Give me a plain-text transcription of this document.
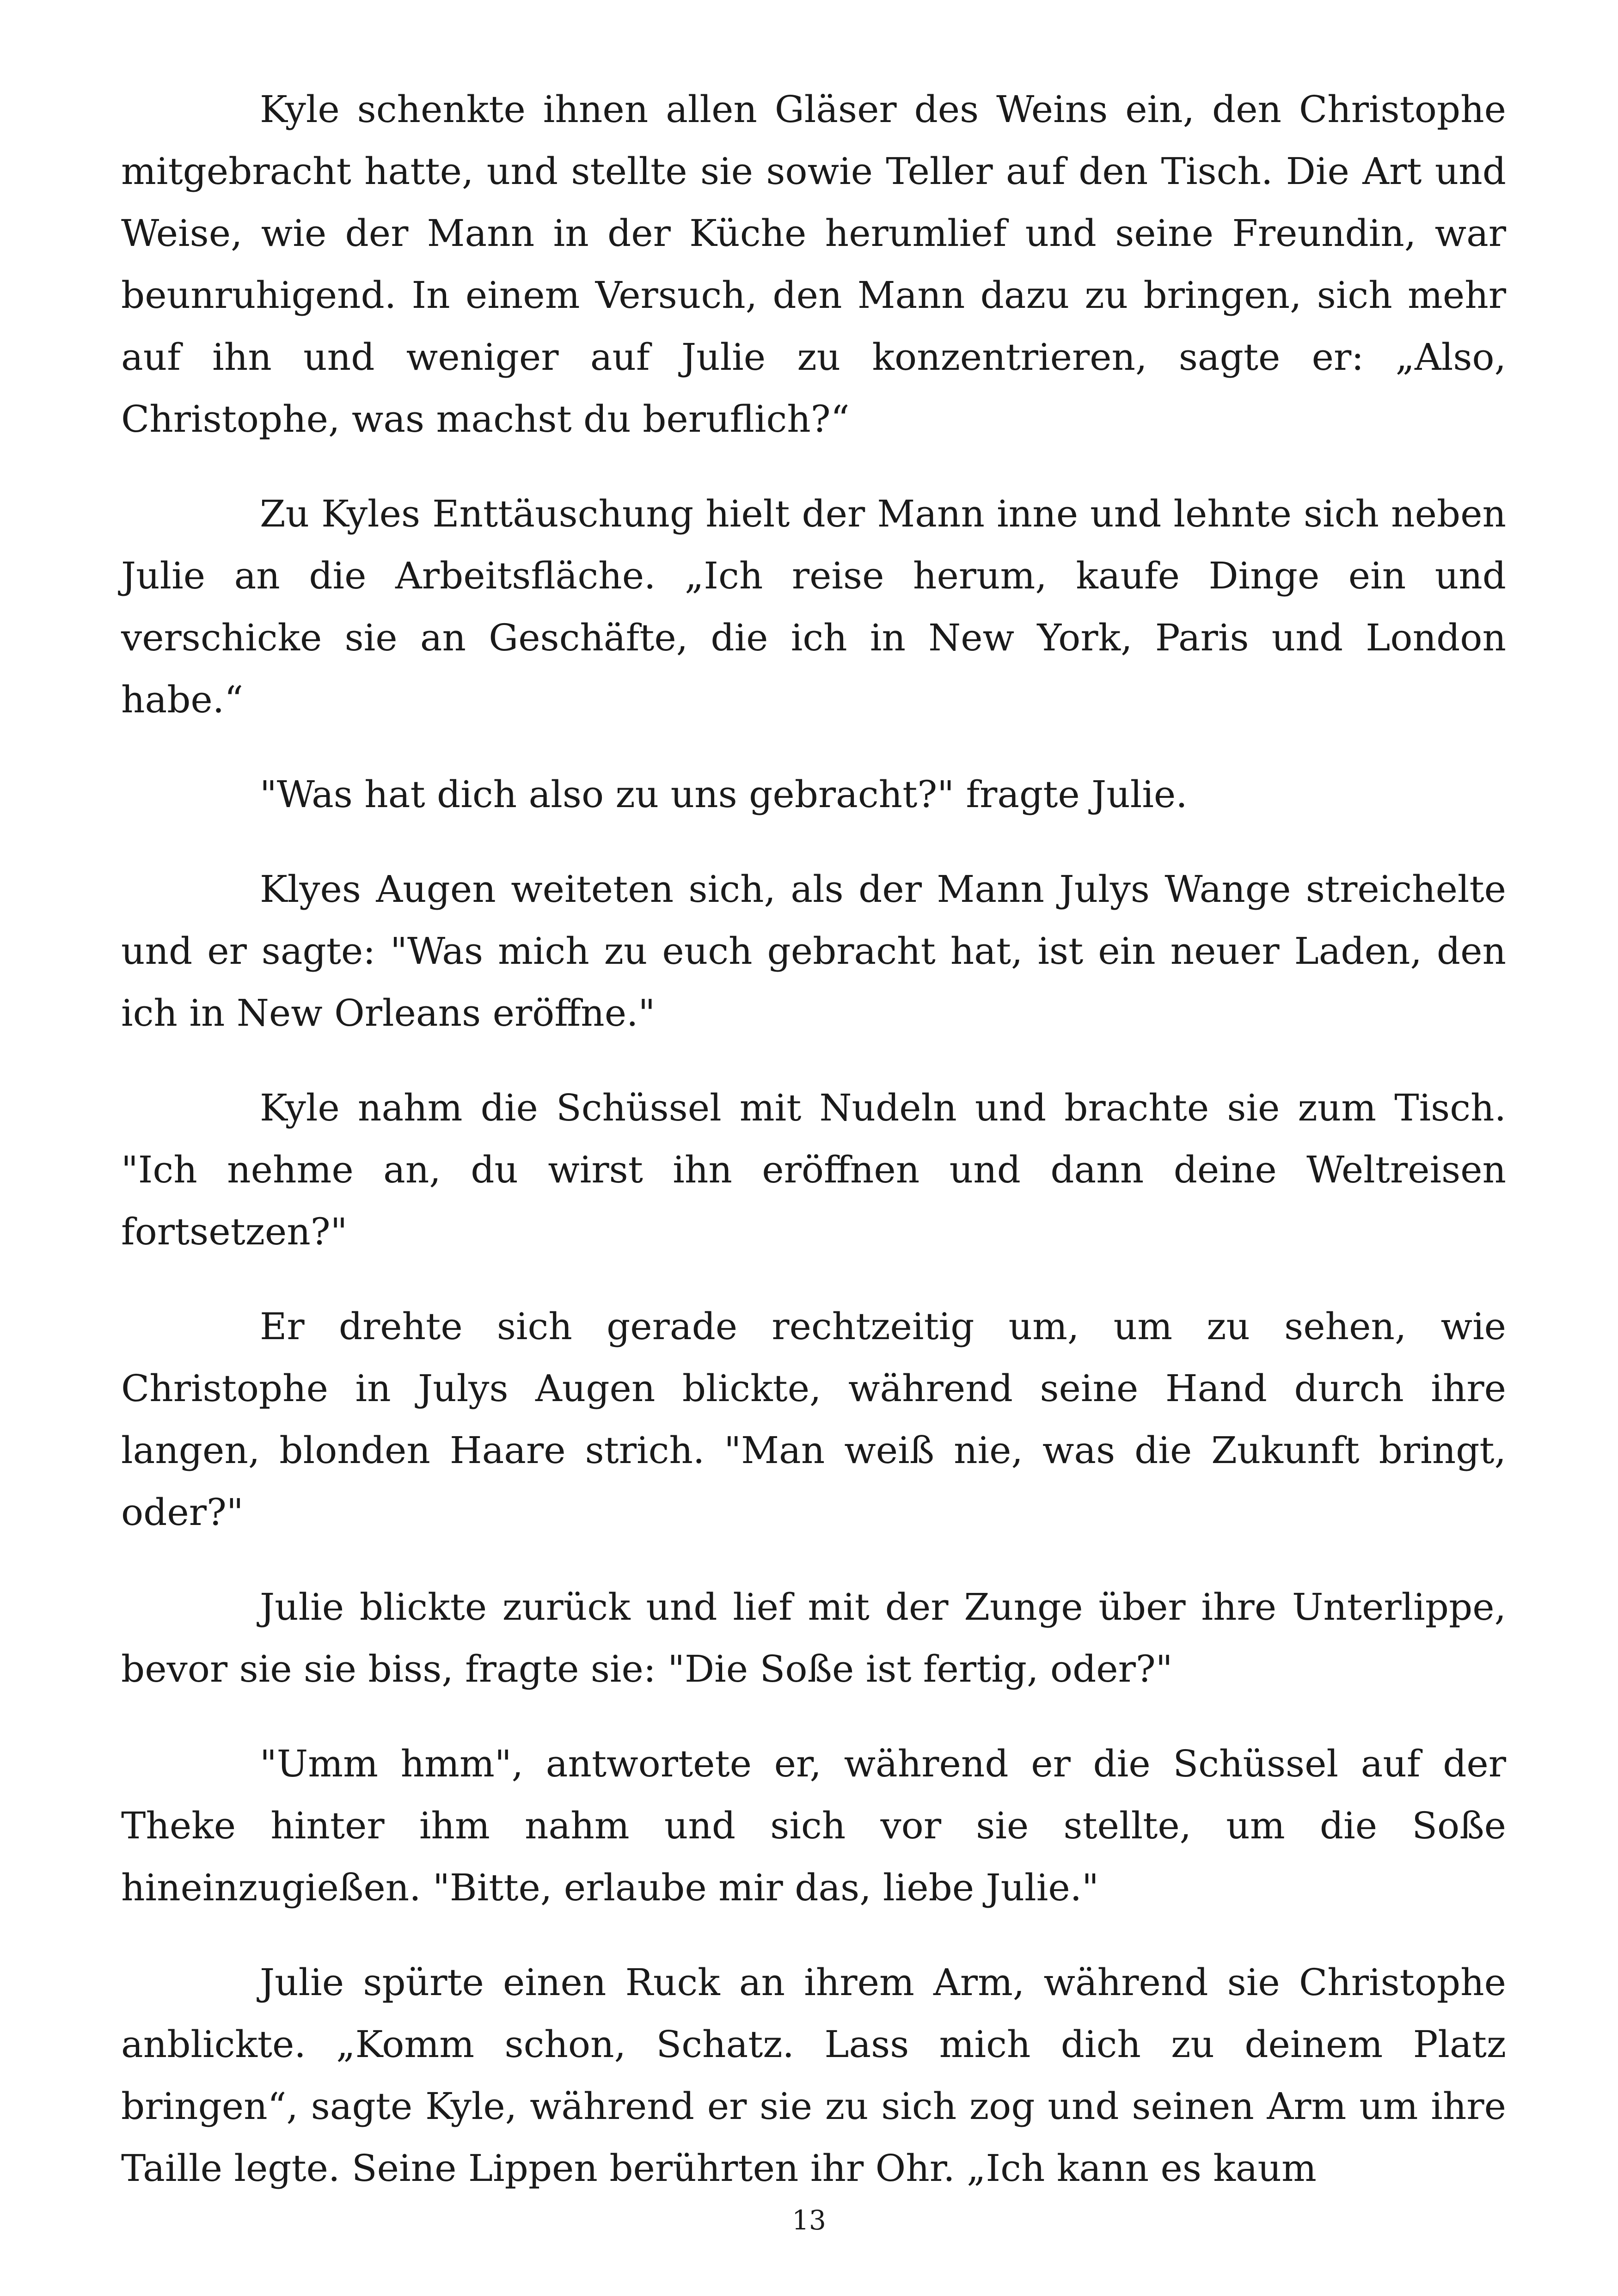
Kyle schenkte ihnen allen Gläser des Weins ein, den Christophe mitgebracht hatte, und stellte sie sowie Teller auf den Tisch. Die Art und Weise, wie der Mann in der Küche herumlief und seine Freundin, war beunruhigend. In einem Versuch, den Mann dazu zu bringen, sich mehr auf ihn und weniger auf Julie zu konzentrieren, sagte er: „Also, Christophe, was machst du beruflich?“

Zu Kyles Enttäuschung hielt der Mann inne und lehnte sich neben Julie an die Arbeitsfläche. „Ich reise herum, kaufe Dinge ein und verschicke sie an Geschäfte, die ich in New York, Paris und London habe.“

"Was hat dich also zu uns gebracht?" fragte Julie.

Klyes Augen weiteten sich, als der Mann Julys Wange streichelte und er sagte: "Was mich zu euch gebracht hat, ist ein neuer Laden, den ich in New Orleans eröffne."

Kyle nahm die Schüssel mit Nudeln und brachte sie zum Tisch. "Ich nehme an, du wirst ihn eröffnen und dann deine Weltreisen fortsetzen?"

Er drehte sich gerade rechtzeitig um, um zu sehen, wie Christophe in Julys Augen blickte, während seine Hand durch ihre langen, blonden Haare strich. "Man weiß nie, was die Zukunft bringt, oder?"

Julie blickte zurück und lief mit der Zunge über ihre Unterlippe, bevor sie sie biss, fragte sie: "Die Soße ist fertig, oder?"

"Umm hmm", antwortete er, während er die Schüssel auf der Theke hinter ihm nahm und sich vor sie stellte, um die Soße hineinzugießen. "Bitte, erlaube mir das, liebe Julie."

Julie spürte einen Ruck an ihrem Arm, während sie Christophe anblickte. „Komm schon, Schatz. Lass mich dich zu deinem Platz bringen“, sagte Kyle, während er sie zu sich zog und seinen Arm um ihre Taille legte. Seine Lippen berührten ihr Ohr. „Ich kann es kaum

13
